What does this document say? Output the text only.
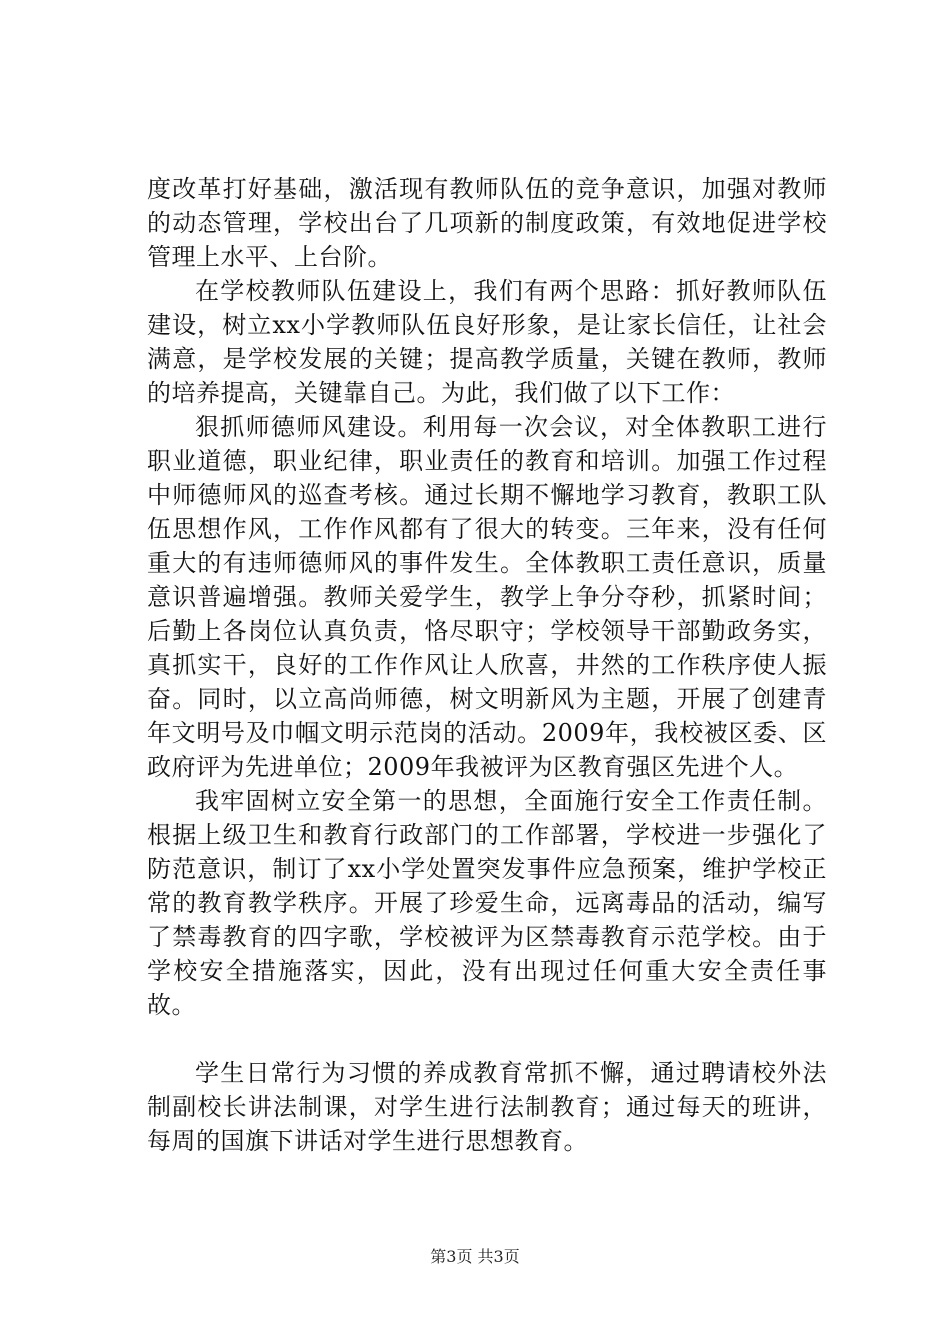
度改革打好基础，激活现有教师队伍的竞争意识，加强对教师的动态管理，学校出台了几项新的制度政策，有效地促进学校管理上水平、上台阶。

在学校教师队伍建设上，我们有两个思路：抓好教师队伍建设，树立xx小学教师队伍良好形象，是让家长信任，让社会满意，是学校发展的关键；提高教学质量，关键在教师，教师的培养提高，关键靠自己。为此，我们做了以下工作：

狠抓师德师风建设。利用每一次会议，对全体教职工进行职业道德，职业纪律，职业责任的教育和培训。加强工作过程中师德师风的巡查考核。通过长期不懈地学习教育，教职工队伍思想作风，工作作风都有了很大的转变。三年来，没有任何重大的有违师德师风的事件发生。全体教职工责任意识，质量意识普遍增强。教师关爱学生，教学上争分夺秒，抓紧时间；后勤上各岗位认真负责，恪尽职守；学校领导干部勤政务实，真抓实干，良好的工作作风让人欣喜，井然的工作秩序使人振奋。同时，以立高尚师德，树文明新风为主题，开展了创建青年文明号及巾帼文明示范岗的活动。2009年，我校被区委、区政府评为先进单位；2009年我被评为区教育强区先进个人。

我牢固树立安全第一的思想，全面施行安全工作责任制。根据上级卫生和教育行政部门的工作部署，学校进一步强化了防范意识，制订了xx小学处置突发事件应急预案，维护学校正常的教育教学秩序。开展了珍爱生命，远离毒品的活动，编写了禁毒教育的四字歌，学校被评为区禁毒教育示范学校。由于学校安全措施落实，因此，没有出现过任何重大安全责任事故。

学生日常行为习惯的养成教育常抓不懈，通过聘请校外法制副校长讲法制课，对学生进行法制教育；通过每天的班讲，每周的国旗下讲话对学生进行思想教育。

第3页 共3页
